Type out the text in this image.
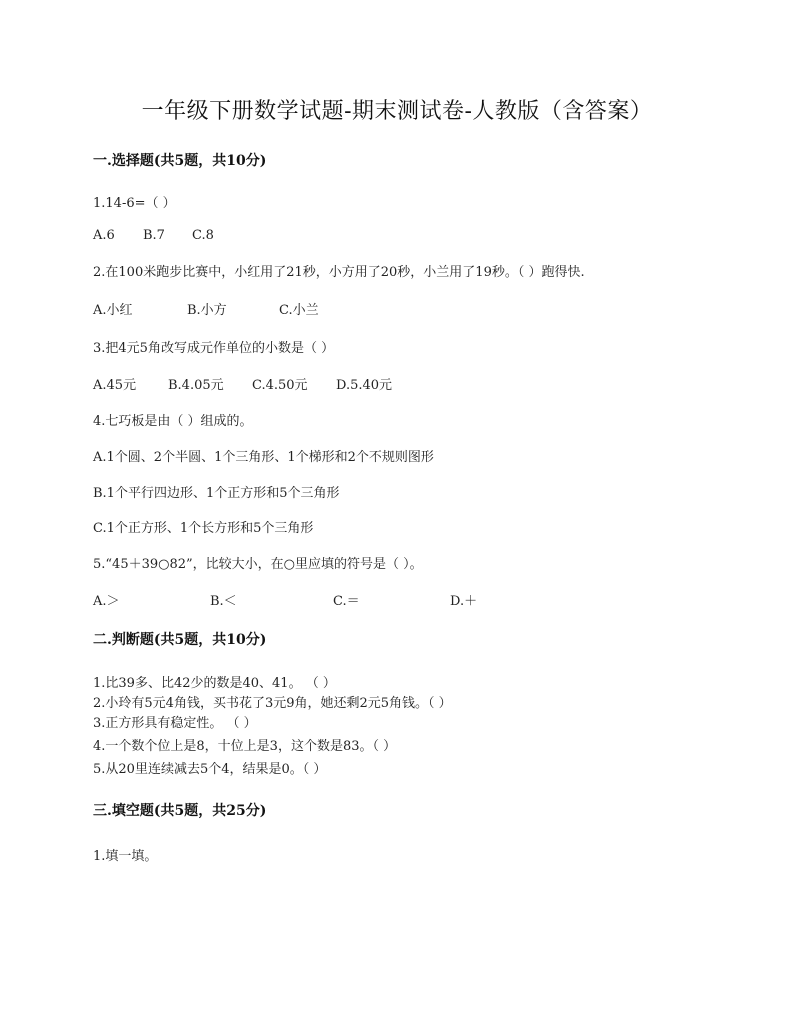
一年级下册数学试题-期末测试卷-人教版（含答案）
一.选择题(共5题，共10分)
1.14-6=（ ）
A.6 B.7 C.8
2.在100米跑步比赛中，小红用了21秒，小方用了20秒，小兰用了19秒。（ ）跑得快.
A.小红	B.小方	C.小兰
3.把4元5角改写成元作单位的小数是（ ）
A.45元 B.4.05元 C.4.50元 D.5.40元
4.七巧板是由（ ）组成的。
A.1个圆、2个半圆、1个三角形、1个梯形和2个不规则图形
B.1个平行四边形、1个正方形和5个三角形
C.1个正方形、1个长方形和5个三角形
5.“45＋39○82”，比较大小，在○里应填的符号是（ ）。
A.＞	B.＜	C.＝	D.＋
二.判断题(共5题，共10分)
1.比39多、比42少的数是40、41。 （ ）
2.小玲有5元4角钱，买书花了3元9角，她还剩2元5角钱。（ ）
3.正方形具有稳定性。 （ ）
4.一个数个位上是8，十位上是3，这个数是83。（ ）
5.从20里连续减去5个4，结果是0。（ ）
三.填空题(共5题，共25分)
1.填一填。
